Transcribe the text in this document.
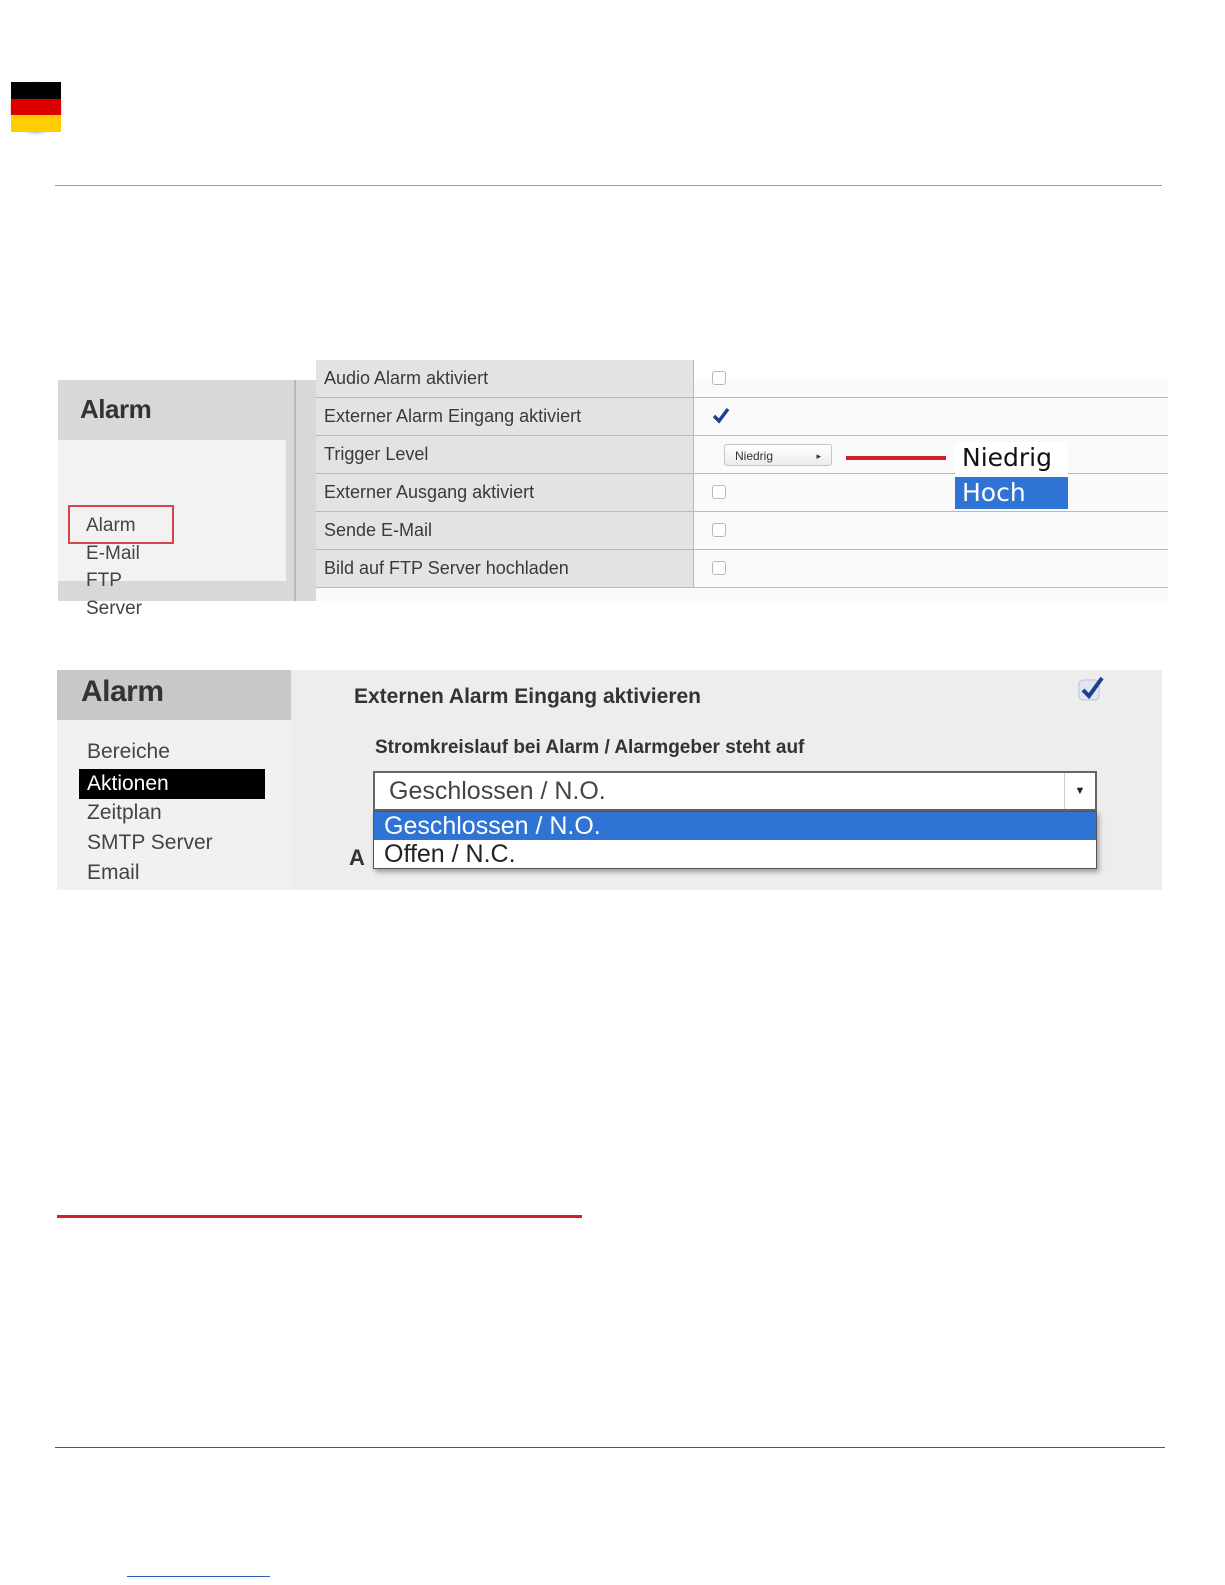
Alarm
Alarm
E-Mail
FTP
Server
Audio Alarm aktiviert
Externer Alarm Eingang aktiviert
Trigger Level	Niedrig	▸
Externer Ausgang aktiviert
Sende E-Mail
Bild auf FTP Server hochladen
Niedrig
Hoch
Alarm
Bereiche
Aktionen
Zeitplan
SMTP Server
Email
Externen Alarm Eingang aktivieren
Stromkreislauf bei Alarm / Alarmgeber steht auf
Geschlossen / N.O.	▼
A
Geschlossen / N.O.
Offen / N.C.
